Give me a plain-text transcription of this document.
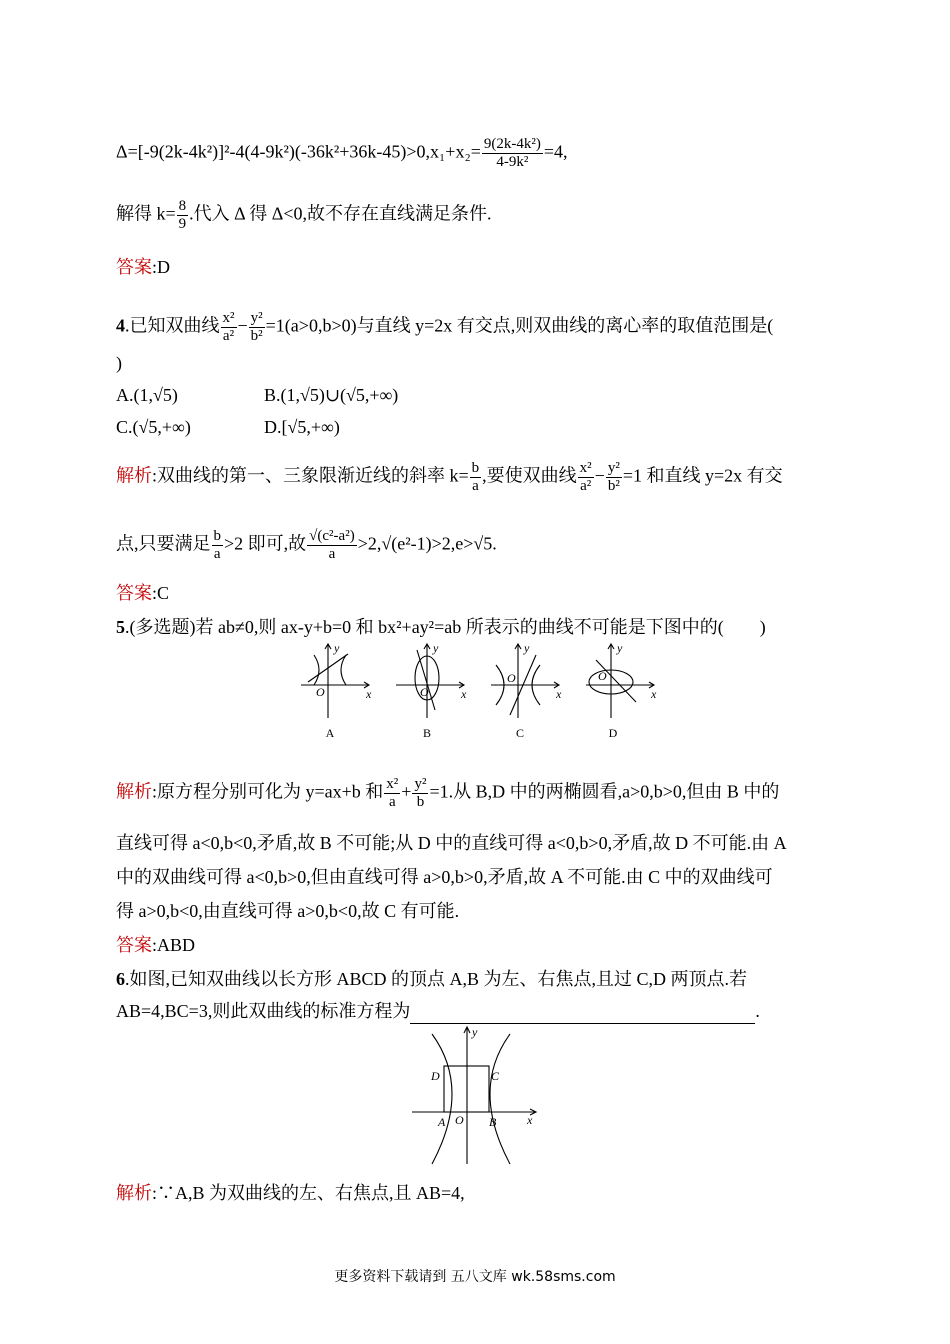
$\Delta=[-9(2k-4k^2)]^2-4(4-9k^2)(-36k^2+36k-45)>0,x_1+x_2= \frac{\text{9(2k-4k²)}}{\text{4-9k²}} =4$,
解得 $k= \frac{8}{9}$ .代入 Δ 得 Δ<0,故不存在直线满足条件.
答案:D
4.已知双曲线 $\frac{\text{x²}}{\text{a²}} - \frac{\text{y²}}{\text{b²}} =1(a>0,b>0)$与直线 y=2x 有交点,则双曲线的离心率的取值范围是(
)
A.(1,√5)	B.(1,√5)∪(√5,+∞)
C.(√5,+∞)	D.[√5,+∞)
解析:双曲线的第一、三象限渐近线的斜率 $k= \frac{b}{a}$ ,要使双曲线 $\frac{\text{x²}}{\text{a²}} - \frac{\text{y²}}{\text{b²}} =1$ 和直线 y=2x 有交
点,只要满足 $\frac{b}{a} >2$ 即可,故 $\frac{\text{√(c²-a²)}}{a} >2,√(e^2-1)>2,e>√5$.
答案:C
5.(多选题)若 ab≠0,则 ax-y+b=0 和 bx²+ay²=ab 所表示的曲线不可能是下图中的(　　)
y
x
O
y
x
O
y
x
O
y
x
O
A	B	C	D
解析:原方程分别可化为 y=ax+b 和 $\frac{\text{x²}}{a} + \frac{\text{y²}}{b} =1$.从 B,D 中的两椭圆看,a>0,b>0,但由 B 中的
直线可得 a<0,b<0,矛盾,故 B 不可能;从 D 中的直线可得 a<0,b>0,矛盾,故 D 不可能.由 A
中的双曲线可得 a<0,b>0,但由直线可得 a>0,b>0,矛盾,故 A 不可能.由 C 中的双曲线可
得 a>0,b<0,由直线可得 a>0,b<0,故 C 有可能.
答案:ABD
6.如图,已知双曲线以长方形 ABCD 的顶点 A,B 为左、右焦点,且过 C,D 两顶点.若
AB=4,BC=3,则此双曲线的标准方程为	.
y
x
O
A	B
C
D
解析:∵A,B 为双曲线的左、右焦点,且 AB=4,
更多资料下载请到 五八文库 wk.58sms.com
